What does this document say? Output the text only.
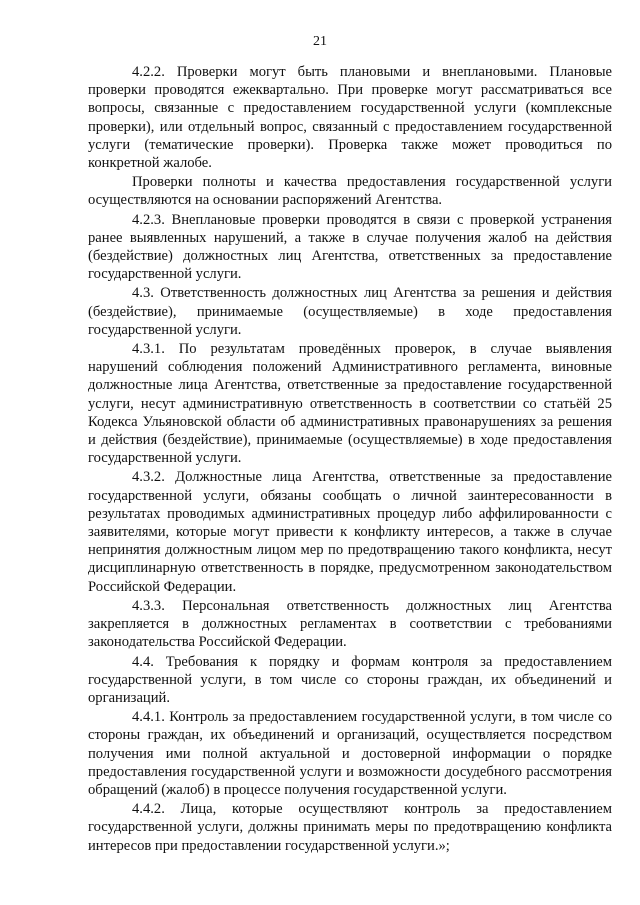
21

4.2.2. Проверки могут быть плановыми и внеплановыми. Плановые проверки проводятся ежеквартально. При проверке могут рассматриваться все вопросы, связанные с предоставлением государственной услуги (комплексные проверки), или отдельный вопрос, связанный с предоставлением государственной услуги (тематические проверки). Проверка также может проводиться по конкретной жалобе.

Проверки полноты и качества предоставления государственной услуги осуществляются на основании распоряжений Агентства.

4.2.3. Внеплановые проверки проводятся в связи с проверкой устранения ранее выявленных нарушений, а также в случае получения жалоб на действия (бездействие) должностных лиц Агентства, ответственных за предоставление государственной услуги.

4.3. Ответственность должностных лиц Агентства за решения и действия (бездействие), принимаемые (осуществляемые) в ходе предоставления государственной услуги.

4.3.1. По результатам проведённых проверок, в случае выявления нарушений соблюдения положений Административного регламента, виновные должностные лица Агентства, ответственные за предоставление государственной услуги, несут административную ответственность в соответствии со статьёй 25 Кодекса Ульяновской области об административных правонарушениях за решения и действия (бездействие), принимаемые (осуществляемые) в ходе предоставления государственной услуги.

4.3.2. Должностные лица Агентства, ответственные за предоставление государственной услуги, обязаны сообщать о личной заинтересованности в результатах проводимых административных процедур либо аффилированности с заявителями, которые могут привести к конфликту интересов, а также в случае непринятия должностным лицом мер по предотвращению такого конфликта, несут дисциплинарную ответственность в порядке, предусмотренном законодательством Российской Федерации.

4.3.3. Персональная ответственность должностных лиц Агентства закрепляется в должностных регламентах в соответствии с требованиями законодательства Российской Федерации.

4.4. Требования к порядку и формам контроля за предоставлением государственной услуги, в том числе со стороны граждан, их объединений и организаций.

4.4.1. Контроль за предоставлением государственной услуги, в том числе со стороны граждан, их объединений и организаций, осуществляется посредством получения ими полной актуальной и достоверной информации о порядке предоставления государственной услуги и возможности досудебного рассмотрения обращений (жалоб) в процессе получения государственной услуги.

4.4.2. Лица, которые осуществляют контроль за предоставлением государственной услуги, должны принимать меры по предотвращению конфликта интересов при предоставлении государственной услуги.»;
